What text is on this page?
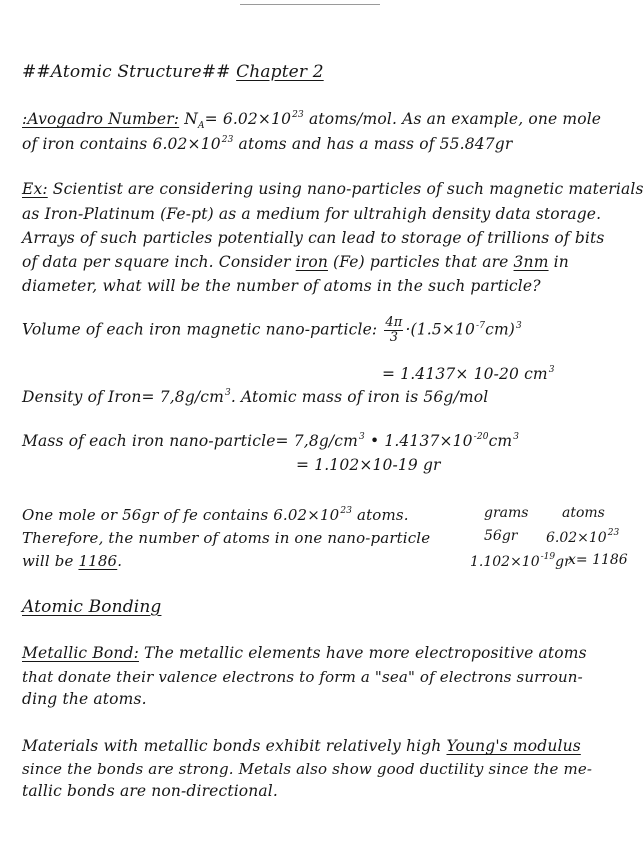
##Atomic Structure## Chapter 2
:Avogadro Number: $N_A= 6.02\times 10^{23}$ atoms/mol. As an example, one mole
of iron contains $6.02\times 10^{23}$ atoms and has a mass of 55.847gr
Ex: Scientist are considering using nano-particles of such magnetic materials
as Iron-Platinum (Fe-pt) as a medium for ultrahigh density data storage.
Arrays of such particles potentially can lead to storage of trillions of bits
of data per square inch. Consider iron (Fe) particles that are 3nm in
diameter, what will be the number of atoms in the such particle?
Volume of each iron magnetic nano-particle: $\frac{4\pi}{3} \cdot(1.5\times 10^{-7}cm)^3$
= 1.4137× 10-20 $cm^3$
Density of Iron= $7,8g/cm^3$. Atomic mass of iron is 56g/mol
Mass of each iron nano-particle= $7,8g/cm^3$ • $1.4137\times 10^{-20}cm^3$
= 1.102×10-19 gr
One mole or 56gr of fe contains $6.02\times 10^{23}$ atoms.
Therefore, the number of atoms in one nano-particle
will be 1186.
grams atoms
56gr $6.02\times 10^{23}$
$1.102\times 10^{-19}gr$
x= 1186
Atomic Bonding
Metallic Bond: The metallic elements have more electropositive atoms
that donate their valence electrons to form a "sea" of electrons surroun-
ding the atoms.
Materials with metallic bonds exhibit relatively high Young's modulus
since the bonds are strong. Metals also show good ductility since the me-
tallic bonds are non-directional.
